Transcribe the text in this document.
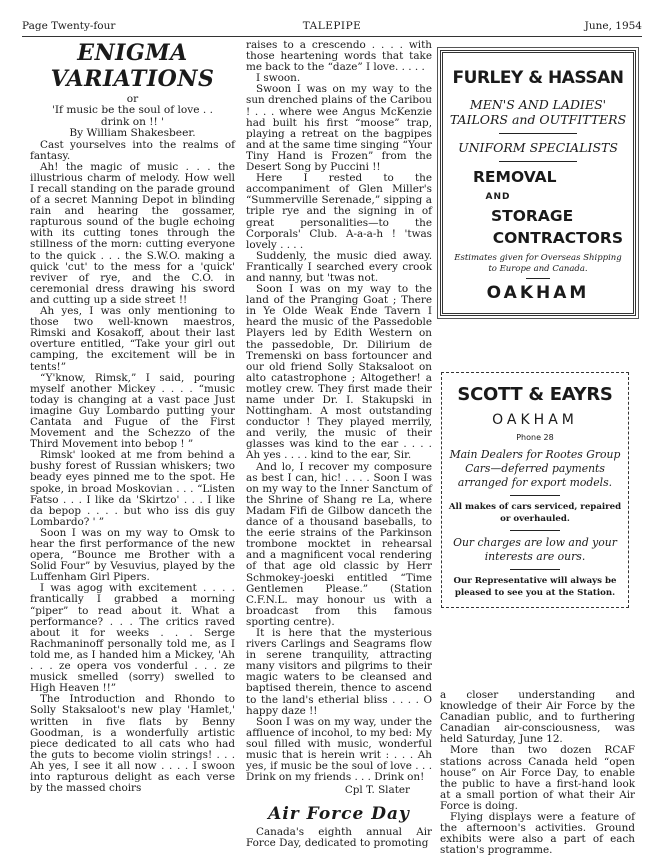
Page Twenty-four	TALEPIPE	June, 1954
ENIGMA
VARIATIONS

or

'If music be the soul of love . .

drink on !! '

By William Shakesbeer.

Cast yourselves into the realms of fantasy.

Ah! the magic of music . . . the illustrious charm of melody. How well I recall standing on the parade ground of a secret Manning Depot in blinding rain and hearing the gossamer, rapturous sound of the bugle echoing with its cutting tones through the stillness of the morn: cutting everyone to the quick . . . the S.W.O. making a quick 'cut' to the mess for a 'quick' reviver of rye, and the C.O. in ceremonial dress drawing his sword and cutting up a side street !!

Ah yes, I was only mentioning to those two well-known maestros, Rimski and Kosakoff, about their last overture entitled, “Take your girl out camping, the excitement will be in tents!”

“Y'know, Rimsk,” I said, pouring myself another Mickey . . . . “music today is changing at a vast pace Just imagine Guy Lombardo putting your Cantata and Fugue of the First Movement and the Schezzo of the Third Movement into bebop ! ”

Rimsk' looked at me from behind a bushy forest of Russian whiskers; two beady eyes pinned me to the spot. He spoke, in broad Moskovian . . . “Listen Fatso . . . I like da 'Skirtzo' . . . I like da bepop . . . . but who iss dis guy Lombardo? ' ”

Soon I was on my way to Omsk to hear the first performance of the new opera, “Bounce me Brother with a Solid Four” by Vesuvius, played by the Luffenham Girl Pipers.

I was agog with excitement . . . . frantically I grabbed a morning “piper” to read about it. What a performance? . . . The critics raved about it for weeks . . . Serge Rachmaninoff personally told me, as I told me, as I handed him a Mickey, 'Ah . . . ze opera vos vonderful . . . ze musick smelled (sorry) swelled to High Heaven !!”

The Introduction and Rhondo to Solly Staksaloot's new play 'Hamlet,' written in five flats by Benny Goodman, is a wonderfully artistic piece dedicated to all cats who had the guts to become violin strings! . . . Ah yes, I see it all now . . . . I swoon into rapturous delight as each verse by the massed choirs

raises to a crescendo . . . . with those heartening words that take me back to the “daze” I love. . . . .

I swoon.

Swoon I was on my way to the sun drenched plains of the Caribou ! . . . where wee Angus McKenzie had built his first “moose” trap, playing a retreat on the bagpipes and at the same time singing “Your Tiny Hand is Frozen” from the Desert Song by Puccini !!

Here I rested to the accompaniment of Glen Miller's “Summerville Serenade,” sipping a triple rye and the signing in of great personalities—to the Corporals' Club. A-a-a-h ! 'twas lovely . . . .

Suddenly, the music died away. Frantically I searched every crook and nanny, but 'twas not.

Soon I was on my way to the land of the Pranging Goat ; There in Ye Olde Weak Ende Tavern I heard the music of the Passedoble Players led by Edith Western on the passedoble, Dr. Dilirium de Tremenski on bass fortouncer and our old friend Solly Staksaloot on alto catastrophone ; Altogether! a motley crew. They first made their name under Dr. I. Stakupski in Nottingham. A most outstanding conductor ! They played merrily, and verily, the music of their glasses was kind to the ear . . . . Ah yes . . . . kind to the ear, Sir.

And lo, I recover my composure as best I can, hic! . . . . Soon I was on my way to the Inner Sanctum of the Shrine of Shang re La, where Madam Fifi de Gilbow danceth the dance of a thousand baseballs, to the eerie strains of the Parkinson trombone mocktet in rehearsal and a magnificent vocal rendering of that age old classic by Herr Schmokey-joeski entitled “Time Gentlemen Please.” (Station C.F.N.L. may honour us with a broadcast from this famous sporting centre).

It is here that the mysterious rivers Carlings and Seagrams flow in serene tranquility, attracting many visitors and pilgrims to their magic waters to be cleansed and baptised therein, thence to ascend to the land's etherial bliss . . . . O happy daze !!

Soon I was on my way, under the affluence of incohol, to my bed: My soul filled with music, wonderful music that is herein writ : . . . Ah yes, if music be the soul of love . . . Drink on my friends . . . Drink on!

Cpl T. Slater

Air Force Day

Canada's eighth annual Air Force Day, dedicated to promoting

FURLEY & HASSAN
MEN'S AND LADIES'
TAILORS and OUTFITTERS
UNIFORM SPECIALISTS
REMOVAL
AND
STORAGE
CONTRACTORS
Estimates given for Overseas Shipping
to Europe and Canada.
OAKHAM
SCOTT & EAYRS
OAKHAM
Phone 28
Main Dealers for Rootes Group Cars—deferred payments arranged for export models.
All makes of cars serviced, repaired or overhauled.
Our charges are low and your interests are ours.
Our Representative will always be pleased to see you at the Station.

a closer understanding and knowledge of their Air Force by the Canadian public, and to furthering Canadian air-consciousness, was held Saturday, June 12.

More than two dozen RCAF stations across Canada held “open house” on Air Force Day, to enable the public to have a first-hand look at a small portion of what their Air Force is doing.

Flying displays were a feature of the afternoon's activities. Ground exhibits were also a part of each station's programme.
